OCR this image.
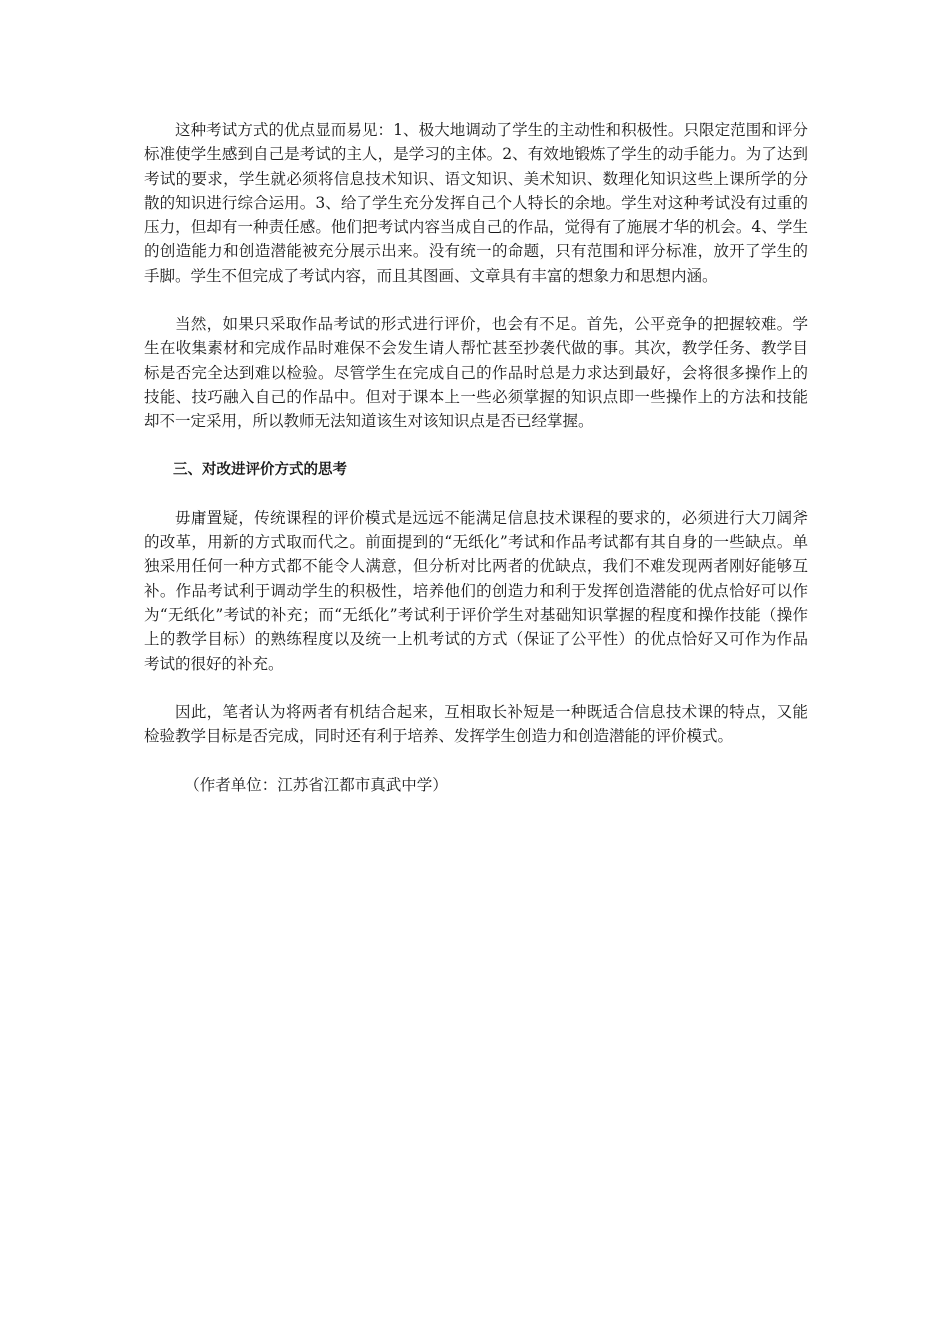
这种考试方式的优点显而易见：1、极大地调动了学生的主动性和积极性。只限定范围和评分标准使学生感到自己是考试的主人，是学习的主体。2、有效地锻炼了学生的动手能力。为了达到考试的要求，学生就必须将信息技术知识、语文知识、美术知识、数理化知识这些上课所学的分散的知识进行综合运用。3、给了学生充分发挥自己个人特长的余地。学生对这种考试没有过重的压力，但却有一种责任感。他们把考试内容当成自己的作品，觉得有了施展才华的机会。4、学生的创造能力和创造潜能被充分展示出来。没有统一的命题，只有范围和评分标准，放开了学生的手脚。学生不但完成了考试内容，而且其图画、文章具有丰富的想象力和思想内涵。

当然，如果只采取作品考试的形式进行评价，也会有不足。首先，公平竞争的把握较难。学生在收集素材和完成作品时难保不会发生请人帮忙甚至抄袭代做的事。其次，教学任务、教学目标是否完全达到难以检验。尽管学生在完成自己的作品时总是力求达到最好，会将很多操作上的技能、技巧融入自己的作品中。但对于课本上一些必须掌握的知识点即一些操作上的方法和技能却不一定采用，所以教师无法知道该生对该知识点是否已经掌握。

三、对改进评价方式的思考

毋庸置疑，传统课程的评价模式是远远不能满足信息技术课程的要求的，必须进行大刀阔斧的改革，用新的方式取而代之。前面提到的“无纸化”考试和作品考试都有其自身的一些缺点。单独采用任何一种方式都不能令人满意，但分析对比两者的优缺点，我们不难发现两者刚好能够互补。作品考试利于调动学生的积极性，培养他们的创造力和利于发挥创造潜能的优点恰好可以作为“无纸化”考试的补充；而“无纸化”考试利于评价学生对基础知识掌握的程度和操作技能（操作上的教学目标）的熟练程度以及统一上机考试的方式（保证了公平性）的优点恰好又可作为作品考试的很好的补充。

因此，笔者认为将两者有机结合起来，互相取长补短是一种既适合信息技术课的特点，又能检验教学目标是否完成，同时还有利于培养、发挥学生创造力和创造潜能的评价模式。

（作者单位：江苏省江都市真武中学）
